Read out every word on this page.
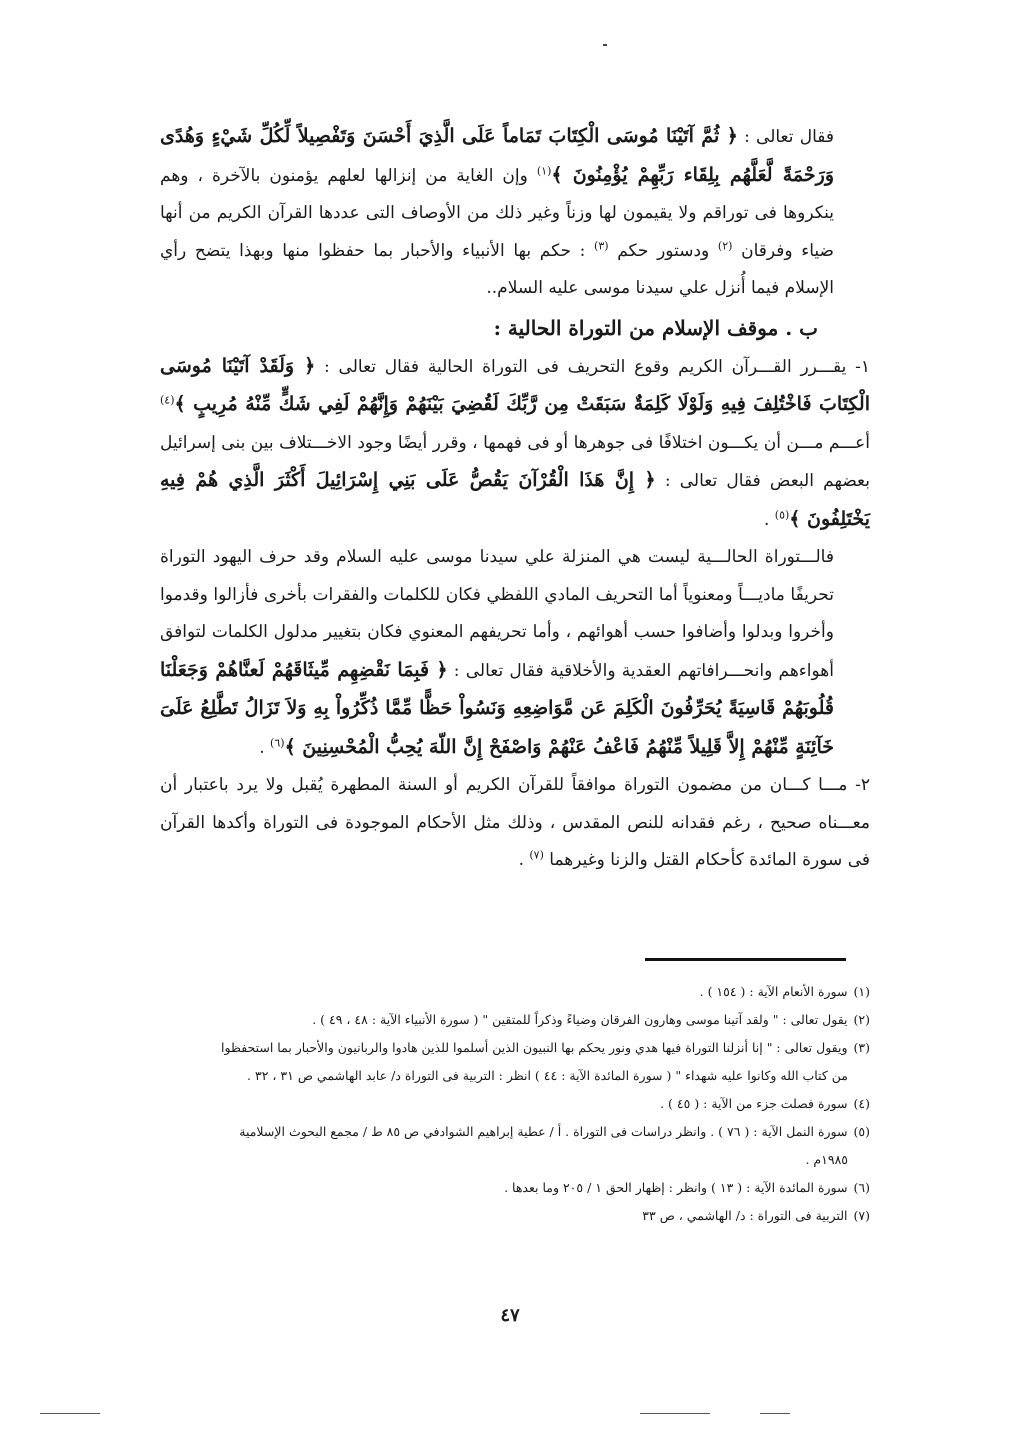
فقال تعالى : ﴿ ثُمَّ آتَيْنَا مُوسَى الْكِتَابَ تَمَاماً عَلَى الَّذِيَ أَحْسَنَ وَتَفْصِيلاً لِّكُلِّ شَيْءٍ وَهُدًى وَرَحْمَةً لَّعَلَّهُم بِلِقَاء رَبِّهِمْ يُؤْمِنُونَ ﴾$^{(١)}$ وإن الغاية من إنزالها لعلهم يؤمنون بالآخرة ، وهم ينكروها فى توراقم ولا يقيمون لها وزناً وغير ذلك من الأوصاف التى عددها القرآن الكريم من أنها ضياء وفرقان $^{(٢)}$ ودستور حكم $^{(٣)}$ : حكم بها الأنبياء والأحبار بما حفظوا منها وبهذا يتضح رأي الإسلام فيما أُنزل علي سيدنا موسى عليه السلام..

ب . موقف الإسلام من التوراة الحالية :

١- يقـــرر القـــرآن الكريم وقوع التحريف فى التوراة الحالية فقال تعالى : ﴿ وَلَقَدْ آتَيْنَا مُوسَى الْكِتَابَ فَاخْتُلِفَ فِيهِ وَلَوْلَا كَلِمَةٌ سَبَقَتْ مِن رَّبِّكَ لَقُضِيَ بَيْنَهُمْ وَإِنَّهُمْ لَفِي شَكٍّ مِّنْهُ مُرِيبٍ ﴾$^{(٤)}$ أعـــم مـــن أن يكـــون اختلافًا فى جوهرها أو فى فهمها ، وقرر أيضًا وجود الاخـــتلاف بين بنى إسرائيل بعضهم البعض فقال تعالى : ﴿ إِنَّ هَذَا الْقُرْآنَ يَقُصُّ عَلَى بَنِي إِسْرَائِيلَ أَكْثَرَ الَّذِي هُمْ فِيهِ يَخْتَلِفُونَ ﴾$^{(٥)}$ .

فالـــتوراة الحالـــية ليست هي المنزلة علي سيدنا موسى عليه السلام وقد حرف اليهود التوراة تحريفًا ماديـــاً ومعنوياً أما التحريف المادي اللفظي فكان للكلمات والفقرات بأخرى فأزالوا وقدموا وأخروا وبدلوا وأضافوا حسب أهوائهم ، وأما تحريفهم المعنوي فكان بتغيير مدلول الكلمات لتوافق أهواءهم وانحـــرافاتهم العقدية والأخلاقية فقال تعالى : ﴿ فَبِمَا نَقْضِهِم مِّيثَاقَهُمْ لَعنَّاهُمْ وَجَعَلْنَا قُلُوبَهُمْ قَاسِيَةً يُحَرِّفُونَ الْكَلِمَ عَن مَّوَاضِعِهِ وَنَسُواْ حَظًّا مِّمَّا ذُكِّرُواْ بِهِ وَلاَ تَزَالُ تَطَّلِعُ عَلَىَ خَآئِنَةٍ مِّنْهُمْ إِلاَّ قَلِيلاً مِّنْهُمُ فَاعْفُ عَنْهُمْ وَاصْفَحْ إِنَّ اللّهَ يُحِبُّ الْمُحْسِنِينَ ﴾$^{(٦)}$ .

٢- مـــا كـــان من مضمون التوراة موافقاً للقرآن الكريم أو السنة المطهرة يُقبل ولا يرد باعتبار أن معـــناه صحيح ، رغم فقدانه للنص المقدس ، وذلك مثل الأحكام الموجودة فى التوراة وأكدها القرآن فى سورة المائدة كأحكام القتل والزنا وغيرهما $^{(٧)}$ .

(١)سورة الأنعام الآية : ( ١٥٤ ) .

(٢)يقول تعالى : " ولقد آتينا موسى وهارون الفرقان وضياءً وذكراً للمتقين " ( سورة الأنبياء الآية : ٤٨ ، ٤٩ ) .

(٣)ويقول تعالى : " إنا أنزلنا التوراة فيها هدي ونور يحكم بها النبيون الذين أسلموا للذين هادوا والربانيون والأحبار بما استحفظوا

من كتاب الله وكانوا عليه شهداء " ( سورة المائدة الآية : ٤٤ ) انظر : التربية فى التوراة د/ عابد الهاشمي ص ٣١ ، ٣٢ .

(٤)سورة فصلت جزء من الآية : ( ٤٥ ) .

(٥)سورة النمل الآية : ( ٧٦ ) . وانظر دراسات فى التوراة . أ / عطية إبراهيم الشوادفي ص ٨٥ ط / مجمع البحوث الإسلامية

١٩٨٥م .

(٦)سورة المائدة الآية : ( ١٣ ) وانظر : إظهار الحق ١ / ٢٠٥ وما بعدها .

(٧)التربية فى التوراة : د/ الهاشمي ، ص ٣٣

٤٧
